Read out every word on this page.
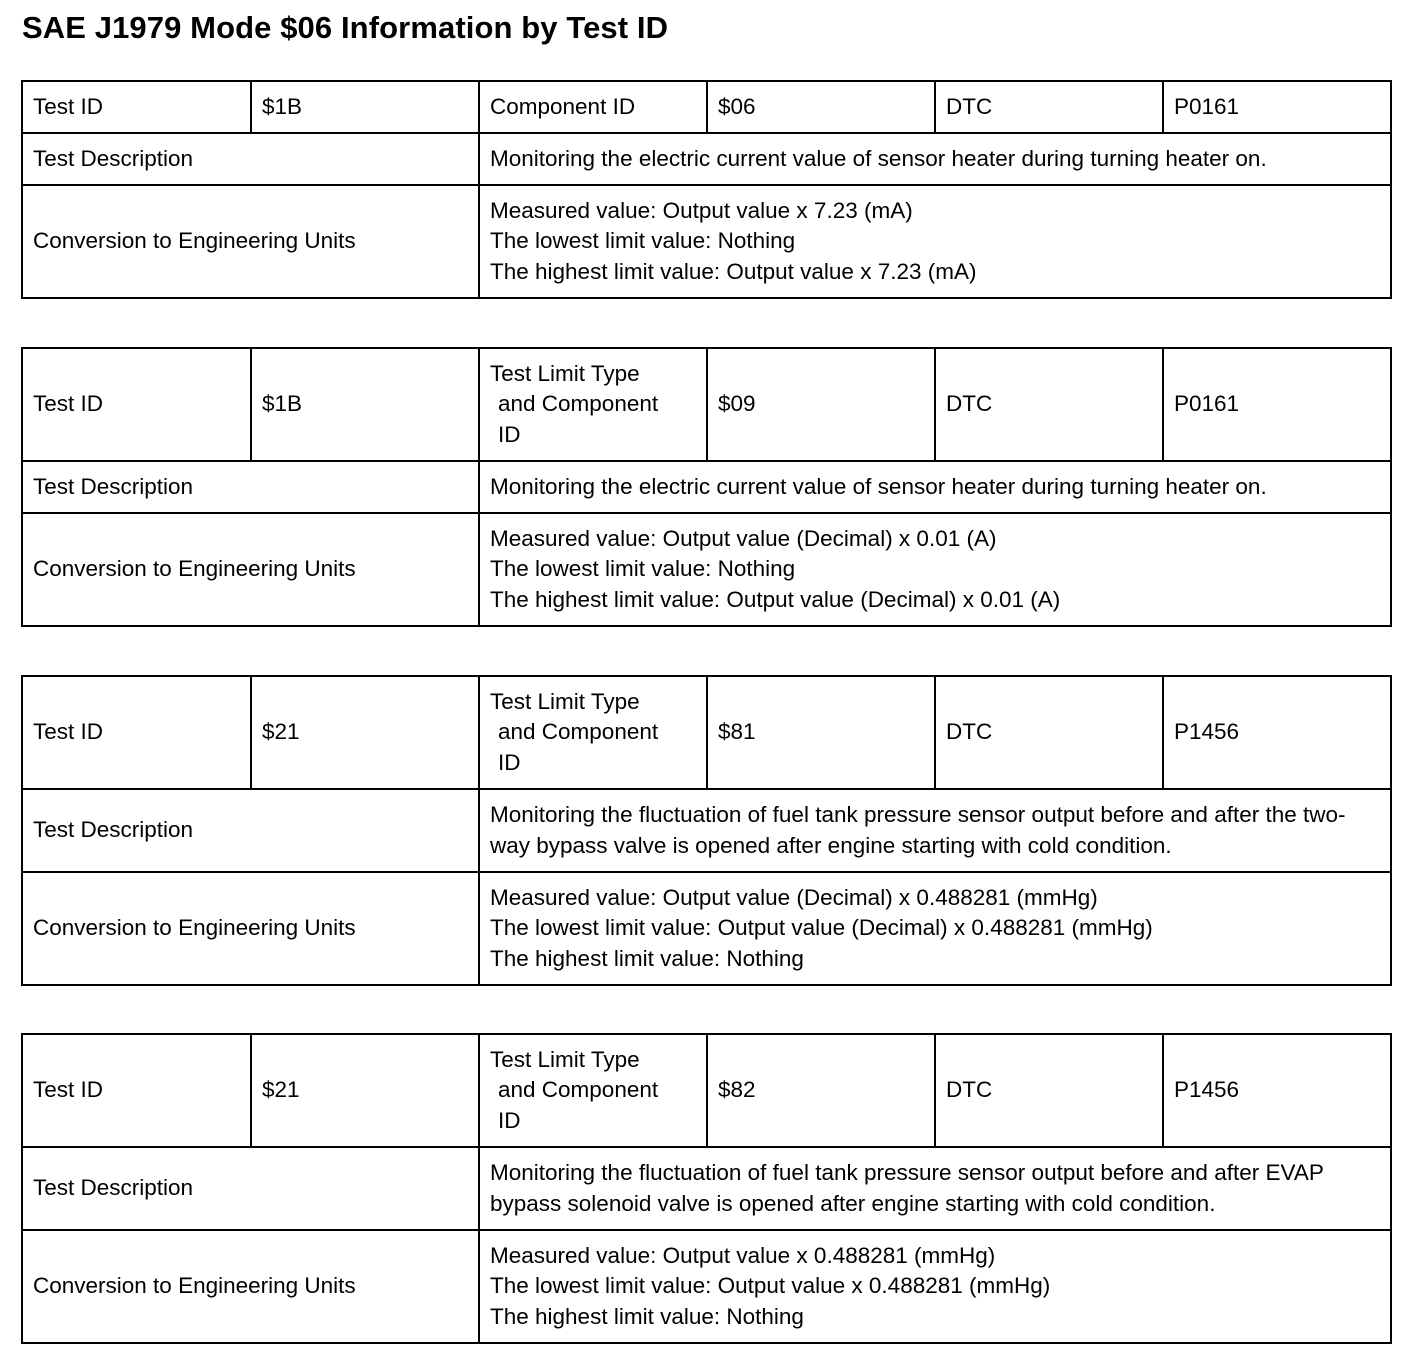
SAE J1979 Mode $06 Information by Test ID
Test ID	$1B	Component ID	$06	DTC	P0161
Test Description		Monitoring the electric current value of sensor heater during turning heater on.			
Conversion to Engineering Units		Measured value: Output value x 7.23 (mA)
The lowest limit value: Nothing
The highest limit value: Output value x 7.23 (mA)			
Test ID	$1B	Test Limit Type
and Component
ID	$09	DTC	P0161
Test Description		Monitoring the electric current value of sensor heater during turning heater on.			
Conversion to Engineering Units		Measured value: Output value (Decimal) x 0.01 (A)
The lowest limit value: Nothing
The highest limit value: Output value (Decimal) x 0.01 (A)			
Test ID	$21	Test Limit Type
and Component
ID	$81	DTC	P1456
Test Description		Monitoring the fluctuation of fuel tank pressure sensor output before and after the two-way bypass valve is opened after engine starting with cold condition.			
Conversion to Engineering Units		Measured value: Output value (Decimal) x 0.488281 (mmHg)
The lowest limit value: Output value (Decimal) x 0.488281 (mmHg)
The highest limit value: Nothing			
Test ID	$21	Test Limit Type
and Component
ID	$82	DTC	P1456
Test Description		Monitoring the fluctuation of fuel tank pressure sensor output before and after EVAP bypass solenoid valve is opened after engine starting with cold condition.			
Conversion to Engineering Units		Measured value: Output value x 0.488281 (mmHg)
The lowest limit value: Output value x 0.488281 (mmHg)
The highest limit value: Nothing			
